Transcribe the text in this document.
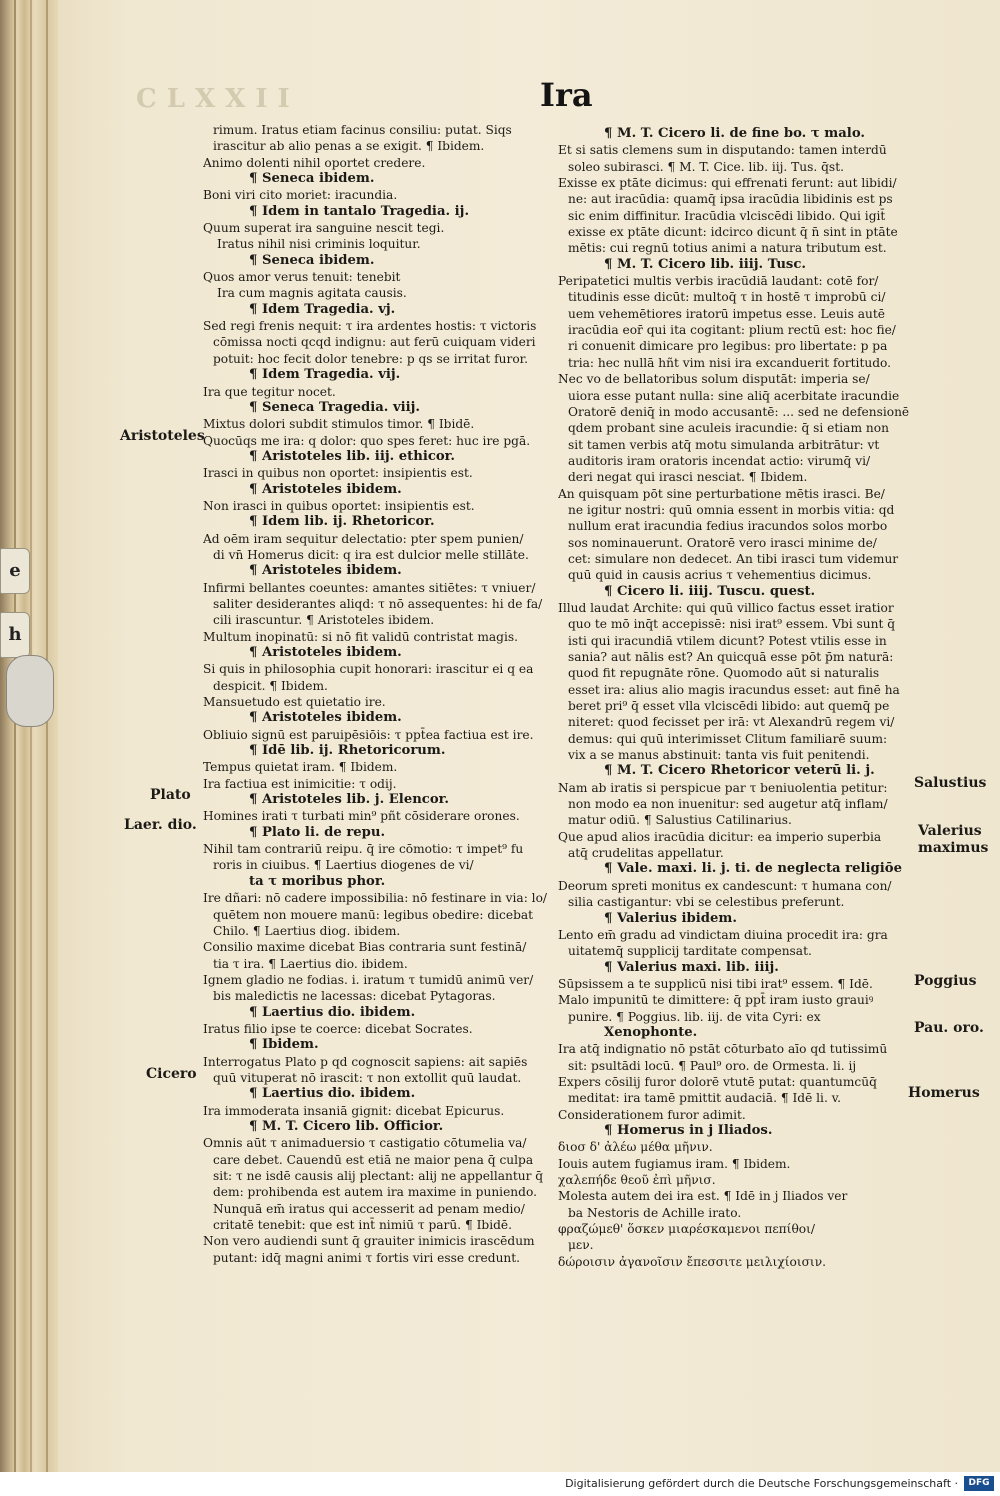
e
h
CLXXII	Ira
rimum. Iratus etiam facinus consiliu: putat. Siqs
irascitur ab alio penas a se exigit. ¶ Ibidem.
Animo dolenti nihil oportet credere.
¶ Seneca ibidem.
Boni viri cito moriet: iracundia.
¶ Idem in tantalo Tragedia. ij.
Quum superat ira sanguine nescit tegi.
Iratus nihil nisi criminis loquitur.
¶ Seneca ibidem.
Quos amor verus tenuit: tenebit
Ira cum magnis agitata causis.
¶ Idem Tragedia. vj.
Sed regi frenis nequit: τ ira ardentes hostis: τ victoris
cōmissa nocti qcqd indignu: aut ferū cuiquam videri
potuit: hoc fecit dolor tenebre: p qs se irritat furor.
¶ Idem Tragedia. vij.
Ira que tegitur nocet.
¶ Seneca Tragedia. viij.
Mixtus dolori subdit stimulos timor. ¶ Ibidē.
Quocūqs me ira: q dolor: quo spes feret: huc ire pgā.
¶ Aristoteles lib. iij. ethicor.
Irasci in quibus non oportet: insipientis est.
¶ Aristoteles ibidem.
Non irasci in quibus oportet: insipientis est.
¶ Idem lib. ij. Rhetoricor.
Ad oēm iram sequitur delectatio: pter spem punien/
di vn̄ Homerus dicit: q ira est dulcior melle stillāte.
¶ Aristoteles ibidem.
Infirmi bellantes coeuntes: amantes sitiētes: τ vniuer/
saliter desiderantes aliqd: τ nō assequentes: hi de fa/
cili irascuntur. ¶ Aristoteles ibidem.
Multum inopinatū: si nō fit validū contristat magis.
¶ Aristoteles ibidem.
Si quis in philosophia cupit honorari: irascitur ei q ea
despicit. ¶ Ibidem.
Mansuetudo est quietatio ire.
¶ Aristoteles ibidem.
Obliuio signū est paruipēsiōis: τ ppt̄ea factiua est ire.
¶ Idē lib. ij. Rhetoricorum.
Tempus quietat iram. ¶ Ibidem.
Ira factiua est inimicitie: τ odij.
¶ Aristoteles lib. j. Elencor.
Homines irati τ turbati min⁹ pñt cōsiderare orones.
¶ Plato li. de repu.
Nihil tam contrariū reipu. q̄ ire cōmotio: τ impet⁹ fu
roris in ciuibus. ¶ Laertius diogenes de vi/
ta τ moribus phor.
Ire dñari: nō cadere impossibilia: nō festinare in via: lo/
quētem non mouere manū: legibus obedire: dicebat
Chilo. ¶ Laertius diog. ibidem.
Consilio maxime dicebat Bias contraria sunt festinā/
tia τ ira. ¶ Laertius dio. ibidem.
Ignem gladio ne fodias. i. iratum τ tumidū animū ver/
bis maledictis ne lacessas: dicebat Pytagoras.
¶ Laertius dio. ibidem.
Iratus filio ipse te coerce: dicebat Socrates.
¶ Ibidem.
Interrogatus Plato p qd cognoscit sapiens: ait sapiēs
quū vituperat nō irascit: τ non extollit quū laudat.
¶ Laertius dio. ibidem.
Ira immoderata insaniā gignit: dicebat Epicurus.
¶ M. T. Cicero lib. Officior.
Omnis aūt τ animaduersio τ castigatio cōtumelia va/
care debet. Cauendū est etiā ne maior pena q̄ culpa
sit: τ ne isdē causis alij plectant: alij ne appellantur q̄
dem: prohibenda est autem ira maxime in puniendo.
Nunquā em̄ iratus qui accesserit ad penam medio/
critatē tenebit: que est int̄ nimiū τ parū. ¶ Ibidē.
Non vero audiendi sunt q̄ grauiter inimicis irascēdum
putant: idq̄ magni animi τ fortis viri esse credunt.
¶ M. T. Cicero li. de fine bo. τ malo.
Et si satis clemens sum in disputando: tamen interdū
soleo subirasci. ¶ M. T. Cice. lib. iij. Tus. q̄st.
Exisse ex ptāte dicimus: qui effrenati ferunt: aut libidi/
ne: aut iracūdia: quamq̄ ipsa iracūdia libidinis est ps
sic enim diffinitur. Iracūdia vlciscēdi libido. Qui igit̄
exisse ex ptāte dicunt: idcirco dicunt q̄ n̄ sint in ptāte
mētis: cui regnū totius animi a natura tributum est.
¶ M. T. Cicero lib. iiij. Tusc.
Peripatetici multis verbis iracūdiā laudant: cotē for/
titudinis esse dicūt: multoq̄ τ in hostē τ improbū ci/
uem vehemētiores iratorū impetus esse. Leuis autē
iracūdia eor̄ qui ita cogitant: plium rectū est: hoc fie/
ri conuenit dimicare pro legibus: pro libertate: p pa
tria: hec nullā hñt vim nisi ira excanduerit fortitudo.
Nec vo de bellatoribus solum disputāt: imperia se/
uiora esse putant nulla: sine aliq̄ acerbitate iracundie
Oratorē deniq̄ in modo accusantē: ... sed ne defensionē
qdem probant sine aculeis iracundie: q̄ si etiam non
sit tamen verbis atq̄ motu simulanda arbitrātur: vt
auditoris iram oratoris incendat actio: virumq̄ vi/
deri negat qui irasci nesciat. ¶ Ibidem.
An quisquam pōt sine perturbatione mētis irasci. Be/
ne igitur nostri: quū omnia essent in morbis vitia: qd
nullum erat iracundia fedius iracundos solos morbo
sos nominauerunt. Oratorē vero irasci minime de/
cet: simulare non dedecet. An tibi irasci tum videmur
quū quid in causis acrius τ vehementius dicimus.
¶ Cicero li. iiij. Tuscu. quest.
Illud laudat Archite: qui quū villico factus esset iratior
quo te mō inq̄t accepissē: nisi irat⁹ essem. Vbi sunt q̄
isti qui iracundiā vtilem dicunt? Potest vtilis esse in
sania? aut nālis est? An quicquā esse pōt p̄m naturā:
quod fit repugnāte rōne. Quomodo aūt si naturalis
esset ira: alius alio magis iracundus esset: aut finē ha
beret pri⁹ q̄ esset vlla vlciscēdi libido: aut quemq̄ pe
niteret: quod fecisset per irā: vt Alexandrū regem vi/
demus: qui quū interimisset Clitum familiarē suum:
vix a se manus abstinuit: tanta vis fuit penitendi.
¶ M. T. Cicero Rhetoricor veterū li. j.
Nam ab iratis si perspicue par τ beniuolentia petitur:
non modo ea non inuenitur: sed augetur atq̄ inflam/
matur odiū. ¶ Salustius Catilinarius.
Que apud alios iracūdia dicitur: ea imperio superbia
atq̄ crudelitas appellatur.
¶ Vale. maxi. li. j. ti. de neglecta religiōe
Deorum spreti monitus ex candescunt: τ humana con/
silia castigantur: vbi se celestibus preferunt.
¶ Valerius ibidem.
Lento em̄ gradu ad vindictam diuina procedit ira: gra
uitatemq̄ supplicij tarditate compensat.
¶ Valerius maxi. lib. iiij.
Sūpsissem a te supplicū nisi tibi irat⁹ essem. ¶ Idē.
Malo impunitū te dimittere: q̄ ppt̄ iram iusto grauiꝰ
punire. ¶ Poggius. lib. iij. de vita Cyri: ex
Xenophonte.
Ira atq̄ indignatio nō pstāt cōturbato aīo qd tutissimū
sit: psultādi locū. ¶ Paul⁹ oro. de Ormesta. li. ij
Expers cōsilij furor dolorē vtutē putat: quantumcūq̄
meditat: ira tamē pmittit audaciā. ¶ Idē li. v.
Considerationem furor adimit.
¶ Homerus in j Iliados.
διοσ δ' ἀλέω μέθα μῆνιν.
Iouis autem fugiamus iram. ¶ Ibidem.
χαλεπήδε θεοῦ ἐπὶ μῆνισ.
Molesta autem dei ira est. ¶ Idē in j Iliados ver
ba Nestoris de Achille irato.
φραζώμεθ' ὅσκεν μιαρέσκαμενοι πεπίθοι/
μεν.
δώροισιν ἀγανοῖσιν ἔπεσσιτε μειλιχίοισιν.
Aristoteles
Plato
Laer. dio.
Cicero
Salustius
Valerius
maximus
Poggius
Pau. oro.
Homerus
Digitalisierung gefördert durch die Deutsche Forschungsgemeinschaft ·	DFG
